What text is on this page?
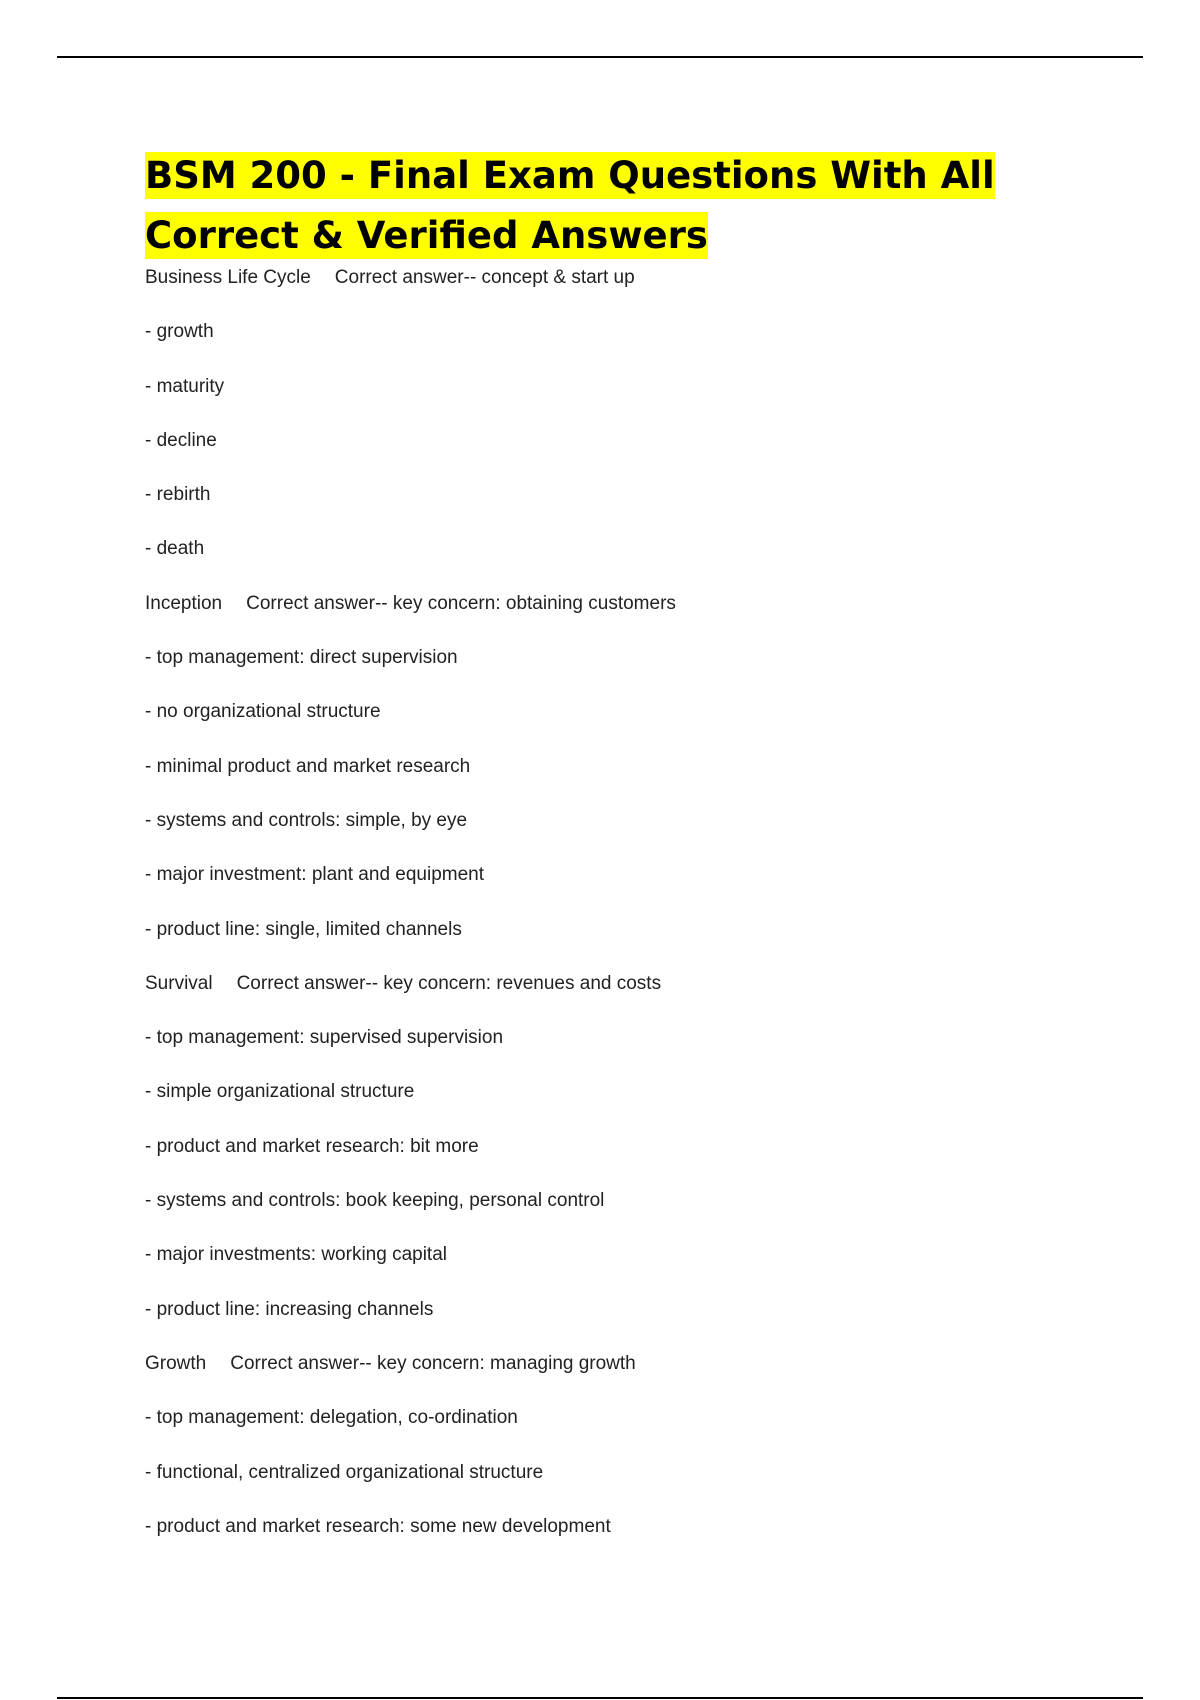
BSM 200 - Final Exam Questions With All
Correct & Verified Answers
Business Life Cycle Correct answer-- concept & start up
- growth
- maturity
- decline
- rebirth
- death
Inception Correct answer-- key concern: obtaining customers
- top management: direct supervision
- no organizational structure
- minimal product and market research
- systems and controls: simple, by eye
- major investment: plant and equipment
- product line: single, limited channels
Survival Correct answer-- key concern: revenues and costs
- top management: supervised supervision
- simple organizational structure
- product and market research: bit more
- systems and controls: book keeping, personal control
- major investments: working capital
- product line: increasing channels
Growth Correct answer-- key concern: managing growth
- top management: delegation, co-ordination
- functional, centralized organizational structure
- product and market research: some new development
